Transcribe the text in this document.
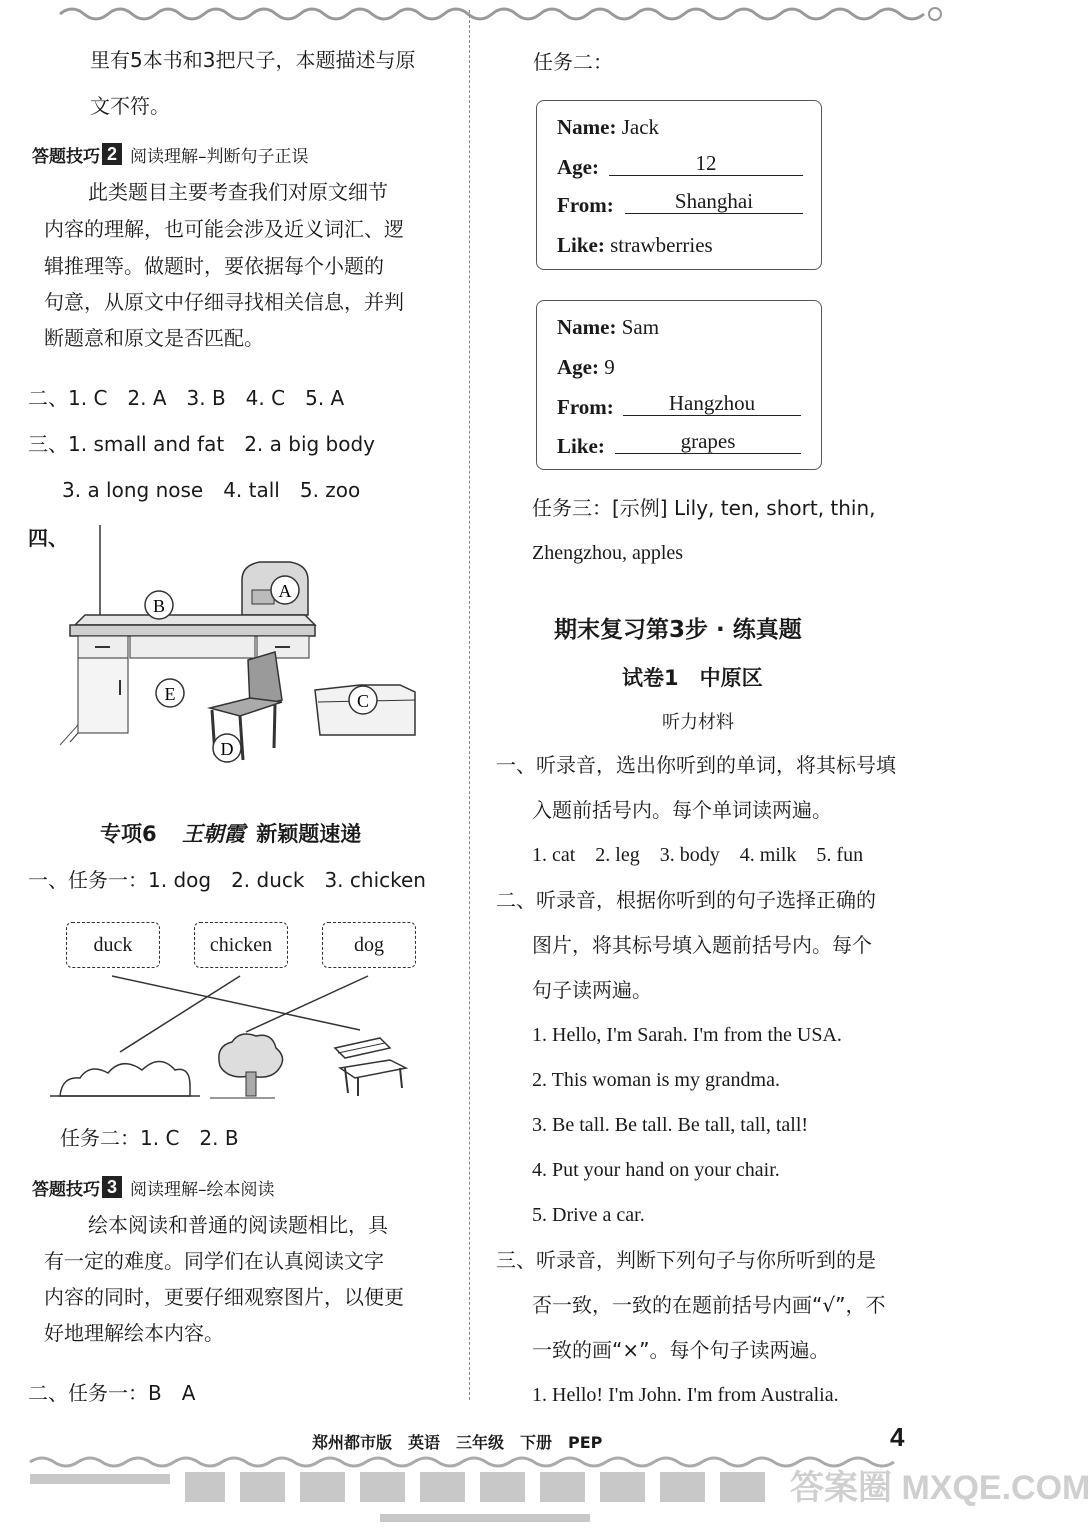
里有5本书和3把尺子，本题描述与原
文不符。
答题技巧 2 阅读理解–判断句子正误
此类题目主要考查我们对原文细节
内容的理解，也可能会涉及近义词汇、逻
辑推理等。做题时，要依据每个小题的
句意，从原文中仔细寻找相关信息，并判
断题意和原文是否匹配。
二、1. C　2. A　3. B　4. C　5. A
三、1. small and fat　2. a big body
3. a long nose　4. tall　5. zoo
四、
A
B
C
D
E
专项6 王朝霞 新颖题速递
一、任务一：1. dog　2. duck　3. chicken
duck	chicken	dog
任务二：1. C　2. B
答题技巧 3 阅读理解–绘本阅读
绘本阅读和普通的阅读题相比，具
有一定的难度。同学们在认真阅读文字
内容的同时，更要仔细观察图片，以便更
好地理解绘本内容。
二、任务一：B　A
任务二：
Name: Jack
Age:	12
From:	Shanghai
Like: strawberries
Name: Sam
Age: 9
From:	Hangzhou
Like:	grapes
任务三：[示例] Lily, ten, short, thin,
Zhengzhou, apples
期末复习第3步 · 练真题
试卷1　中原区
听力材料
一、听录音，选出你听到的单词，将其标号填
入题前括号内。每个单词读两遍。
1. cat　2. leg　3. body　4. milk　5. fun
二、听录音，根据你听到的句子选择正确的
图片，将其标号填入题前括号内。每个
句子读两遍。
1. Hello, I'm Sarah. I'm from the USA.
2. This woman is my grandma.
3. Be tall. Be tall. Be tall, tall, tall!
4. Put your hand on your chair.
5. Drive a car.
三、听录音，判断下列句子与你所听到的是
否一致，一致的在题前括号内画“√”，不
一致的画“×”。每个句子读两遍。
1. Hello! I'm John. I'm from Australia.
郑州都市版　英语　三年级　下册　PEP	4
答案圈 MXQE.COM
